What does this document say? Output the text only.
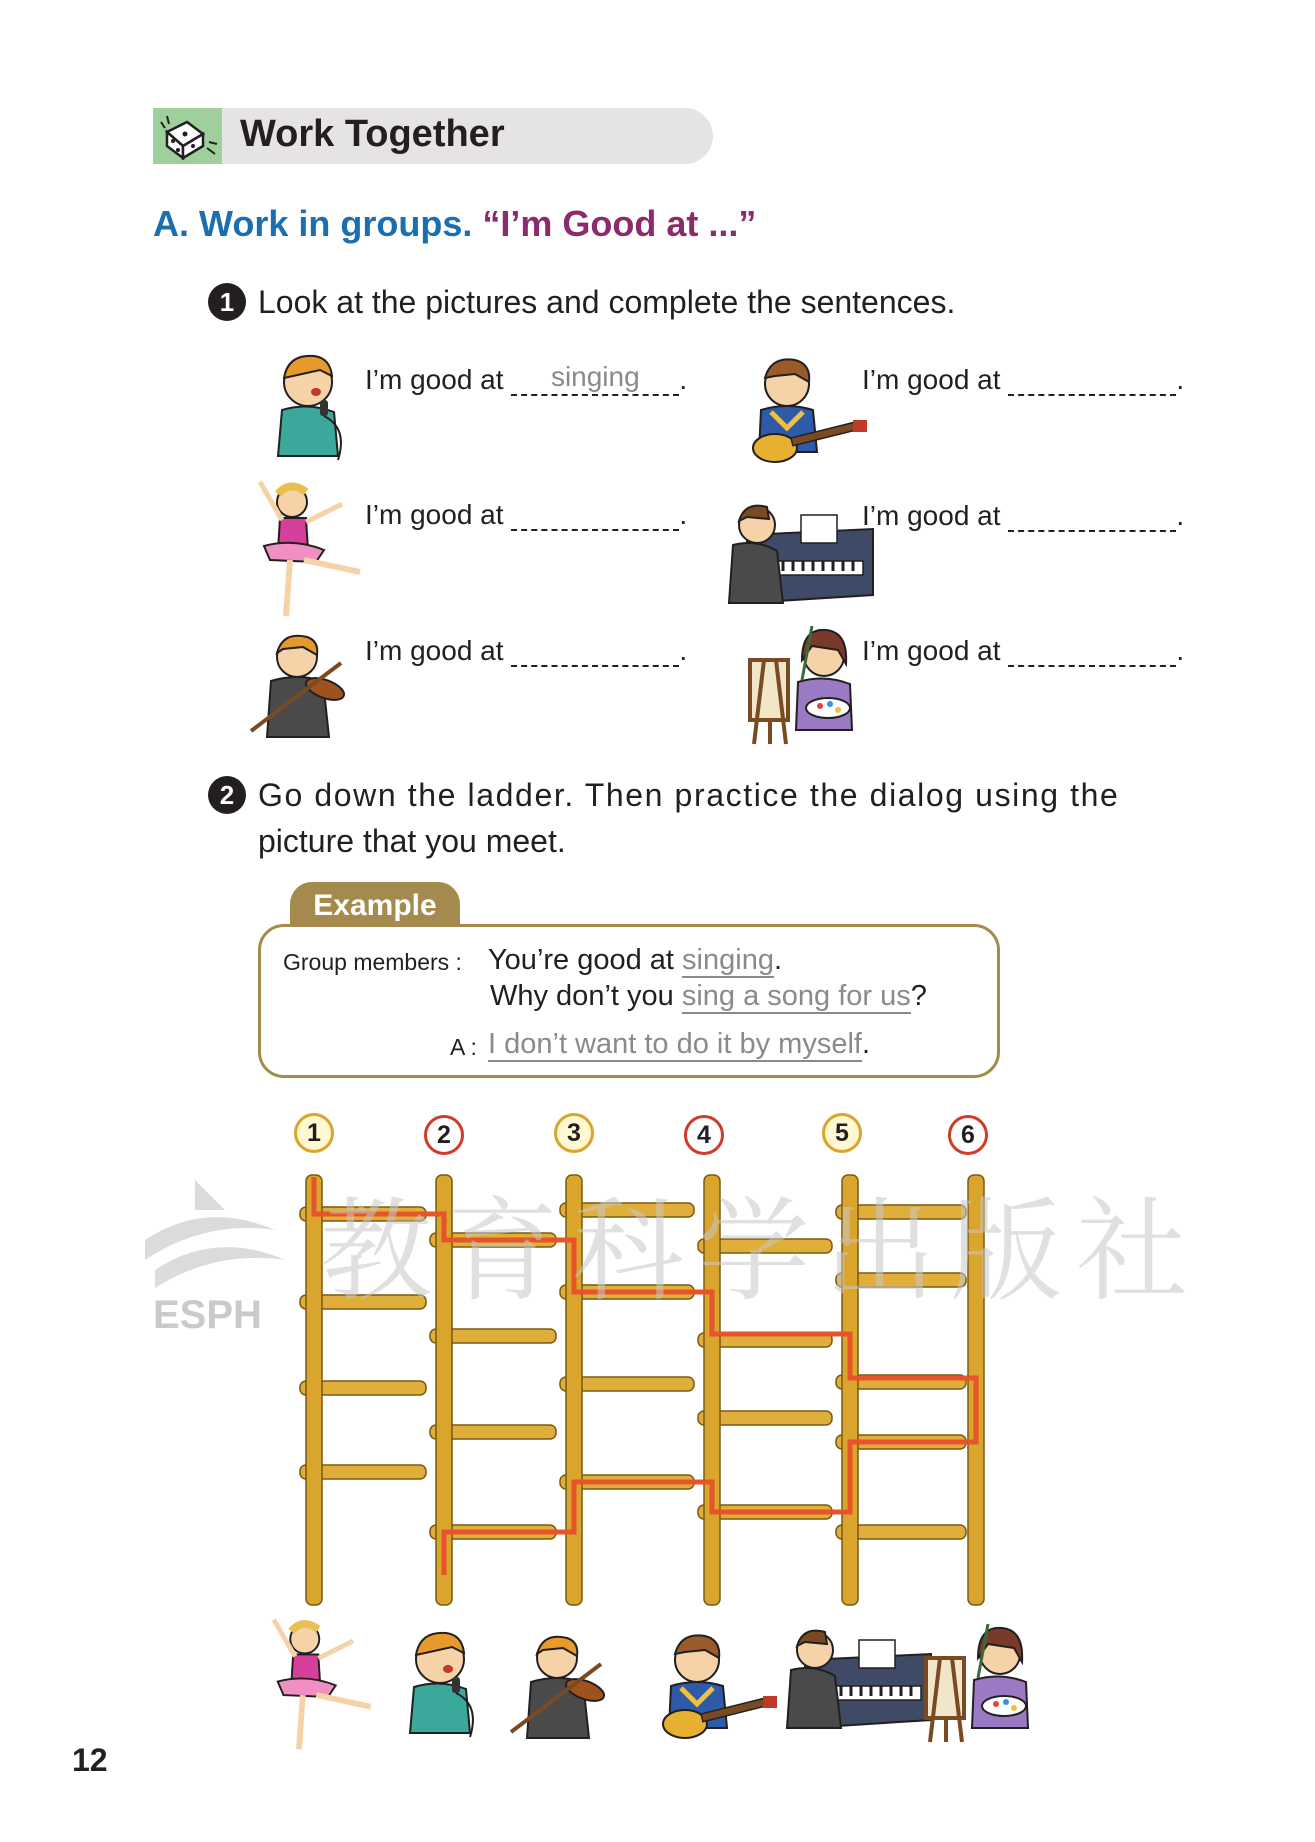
Work Together
A. Work in groups. “I’m Good at ...”
1 Look at the pictures and complete the sentences.
I’m good at singing .	I’m good at	.
I’m good at	.	I’m good at	.
I’m good at	.	I’m good at	.
2 Go down the ladder. Then practice the dialog using the
picture that you meet.
Example
Group members : You’re good at singing.
Why don’t you sing a song for us?
A : I don’t want to do it by myself.
1	2	3	4	5	6
ESPH 教育科学出版社
12
